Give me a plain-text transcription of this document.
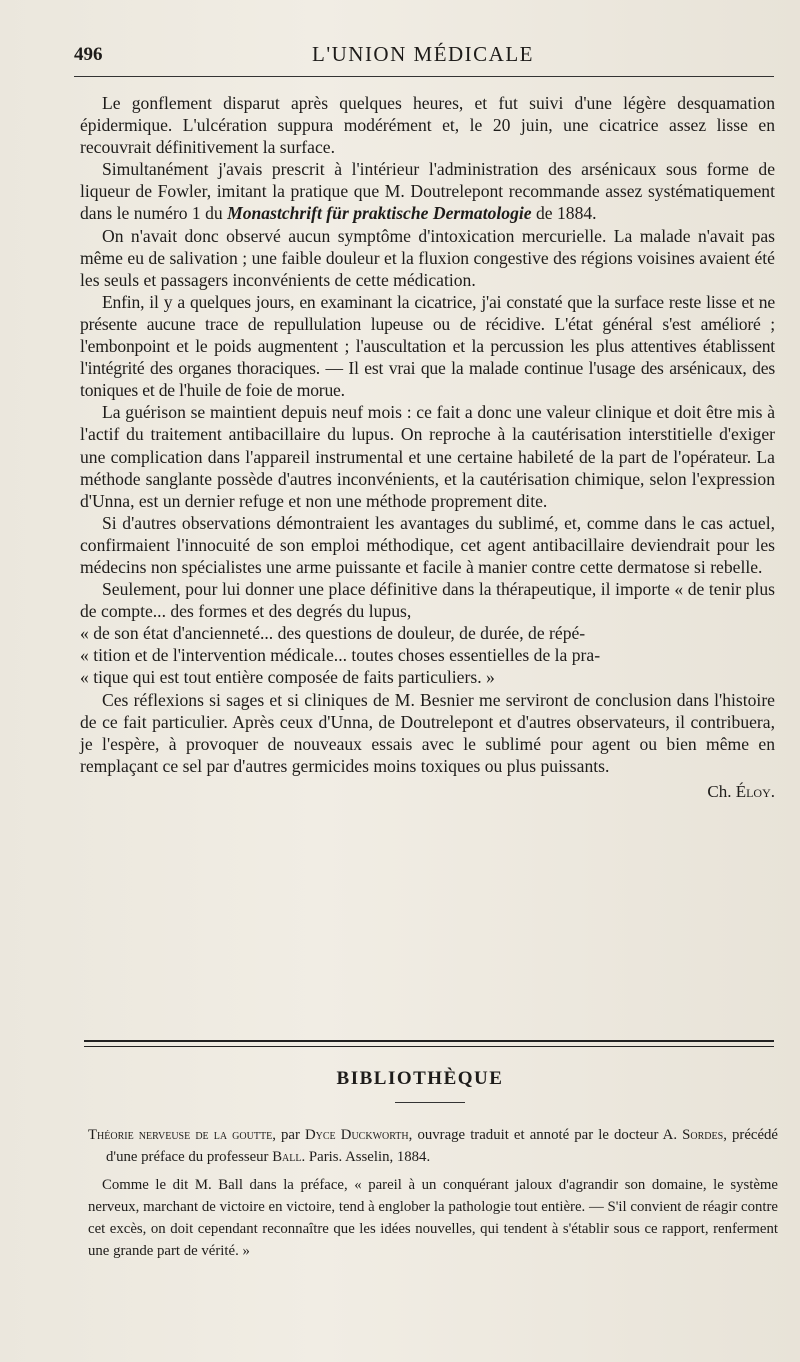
496	L'UNION MÉDICALE

Le gonflement disparut après quelques heures, et fut suivi d'une légère desquamation épidermique. L'ulcération suppura modérément et, le 20 juin, une cicatrice assez lisse en recouvrait définitivement la surface.

Simultanément j'avais prescrit à l'intérieur l'administration des arsénicaux sous forme de liqueur de Fowler, imitant la pratique que M. Doutrelepont recommande assez systématiquement dans le numéro 1 du Monastchrift für praktische Dermatologie de 1884.

On n'avait donc observé aucun symptôme d'intoxication mercurielle. La malade n'avait pas même eu de salivation ; une faible douleur et la fluxion congestive des régions voisines avaient été les seuls et passagers inconvénients de cette médication.

Enfin, il y a quelques jours, en examinant la cicatrice, j'ai constaté que la surface reste lisse et ne présente aucune trace de repullulation lupeuse ou de récidive. L'état général s'est amélioré ; l'embonpoint et le poids augmentent ; l'auscultation et la percussion les plus attentives établissent l'intégrité des organes thoraciques. — Il est vrai que la malade continue l'usage des arsénicaux, des toniques et de l'huile de foie de morue.

La guérison se maintient depuis neuf mois : ce fait a donc une valeur clinique et doit être mis à l'actif du traitement antibacillaire du lupus. On reproche à la cautérisation interstitielle d'exiger une complication dans l'appareil instrumental et une certaine habileté de la part de l'opérateur. La méthode sanglante possède d'autres inconvénients, et la cautérisation chimique, selon l'expression d'Unna, est un dernier refuge et non une méthode proprement dite.

Si d'autres observations démontraient les avantages du sublimé, et, comme dans le cas actuel, confirmaient l'innocuité de son emploi méthodique, cet agent antibacillaire deviendrait pour les médecins non spécialistes une arme puissante et facile à manier contre cette dermatose si rebelle.

Seulement, pour lui donner une place définitive dans la thérapeutique, il importe « de tenir plus de compte... des formes et des degrés du lupus,

« de son état d'ancienneté... des questions de douleur, de durée, de répé-

« tition et de l'intervention médicale... toutes choses essentielles de la pra-

« tique qui est tout entière composée de faits particuliers. »

Ces réflexions si sages et si cliniques de M. Besnier me serviront de conclusion dans l'histoire de ce fait particulier. Après ceux d'Unna, de Doutrelepont et d'autres observateurs, il contribuera, je l'espère, à provoquer de nouveaux essais avec le sublimé pour agent ou bien même en remplaçant ce sel par d'autres germicides moins toxiques ou plus puissants.

Ch. Éloy.
BIBLIOTHÈQUE

Théorie nerveuse de la goutte, par Dyce Duckworth, ouvrage traduit et annoté par le docteur A. Sordes, précédé d'une préface du professeur Ball. Paris. Asselin, 1884.

Comme le dit M. Ball dans la préface, « pareil à un conquérant jaloux d'agrandir son domaine, le système nerveux, marchant de victoire en victoire, tend à englober la pathologie tout entière. — S'il convient de réagir contre cet excès, on doit cependant reconnaître que les idées nouvelles, qui tendent à s'établir sous ce rapport, renferment une grande part de vérité. »
